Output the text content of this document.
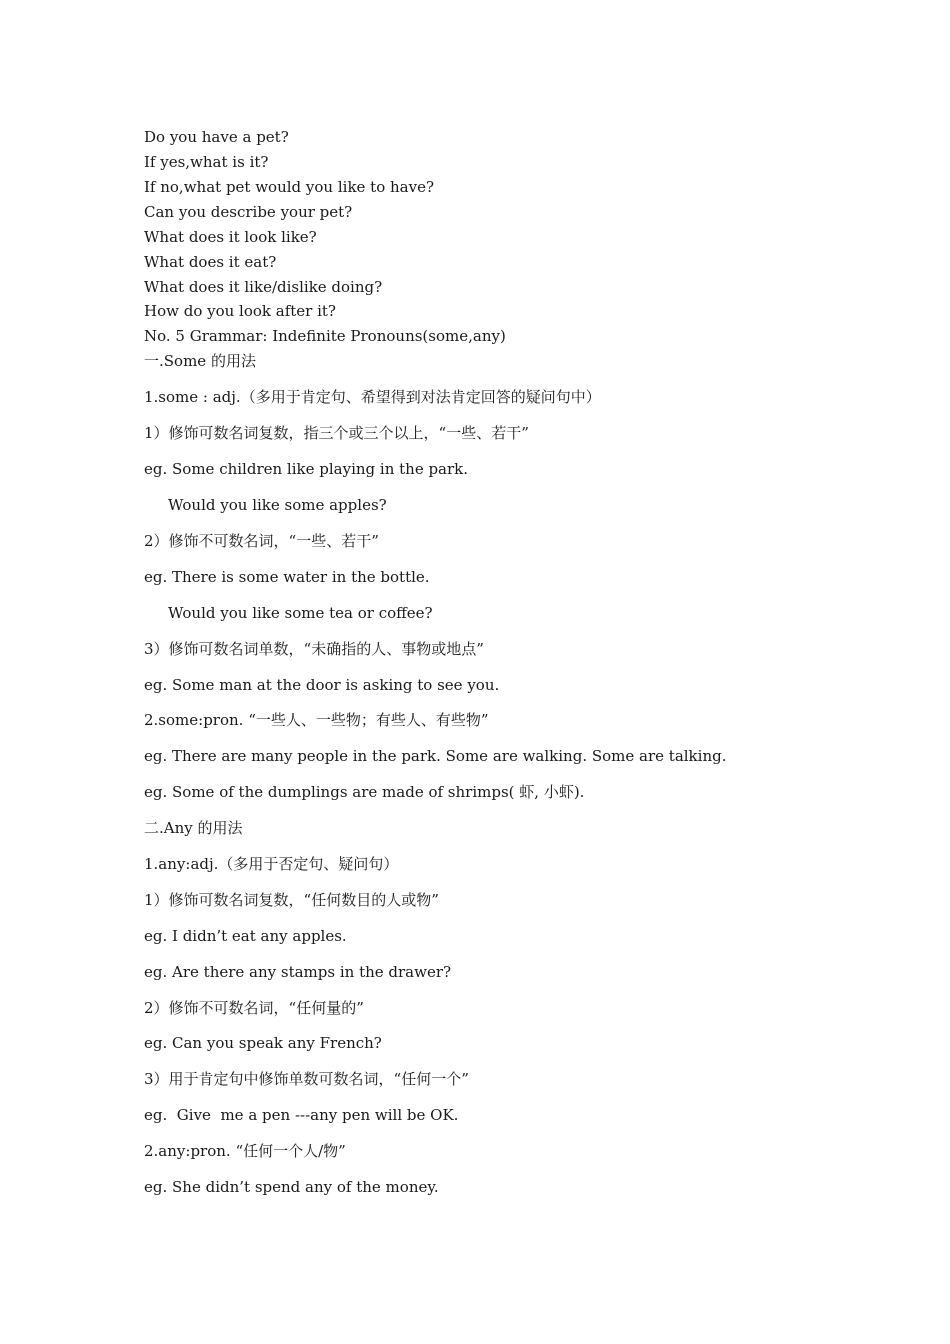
Do you have a pet?
If yes,what is it?
If no,what pet would you like to have?
Can you describe your pet?
What does it look like?
What does it eat?
What does it like/dislike doing?
How do you look after it?
No. 5 Grammar: Indefinite Pronouns(some,any)
一.Some 的用法
1.some : adj.（多用于肯定句、希望得到对法肯定回答的疑问句中）
1）修饰可数名词复数，指三个或三个以上，“一些、若干”
eg. Some children like playing in the park.
Would you like some apples?
2）修饰不可数名词，“一些、若干”
eg. There is some water in the bottle.
Would you like some tea or coffee?
3）修饰可数名词单数，“未确指的人、事物或地点”
eg. Some man at the door is asking to see you.
2.some:pron. “一些人、一些物；有些人、有些物”
eg. There are many people in the park. Some are walking. Some are talking.
eg. Some of the dumplings are made of shrimps( 虾, 小虾).
二.Any 的用法
1.any:adj.（多用于否定句、疑问句）
1）修饰可数名词复数，“任何数目的人或物”
eg. I didn’t eat any apples.
eg. Are there any stamps in the drawer?
2）修饰不可数名词，“任何量的”
eg. Can you speak any French?
3）用于肯定句中修饰单数可数名词，“任何一个”
eg.  Give  me a pen ---any pen will be OK.
2.any:pron. “任何一个人/物”
eg. She didn’t spend any of the money.
